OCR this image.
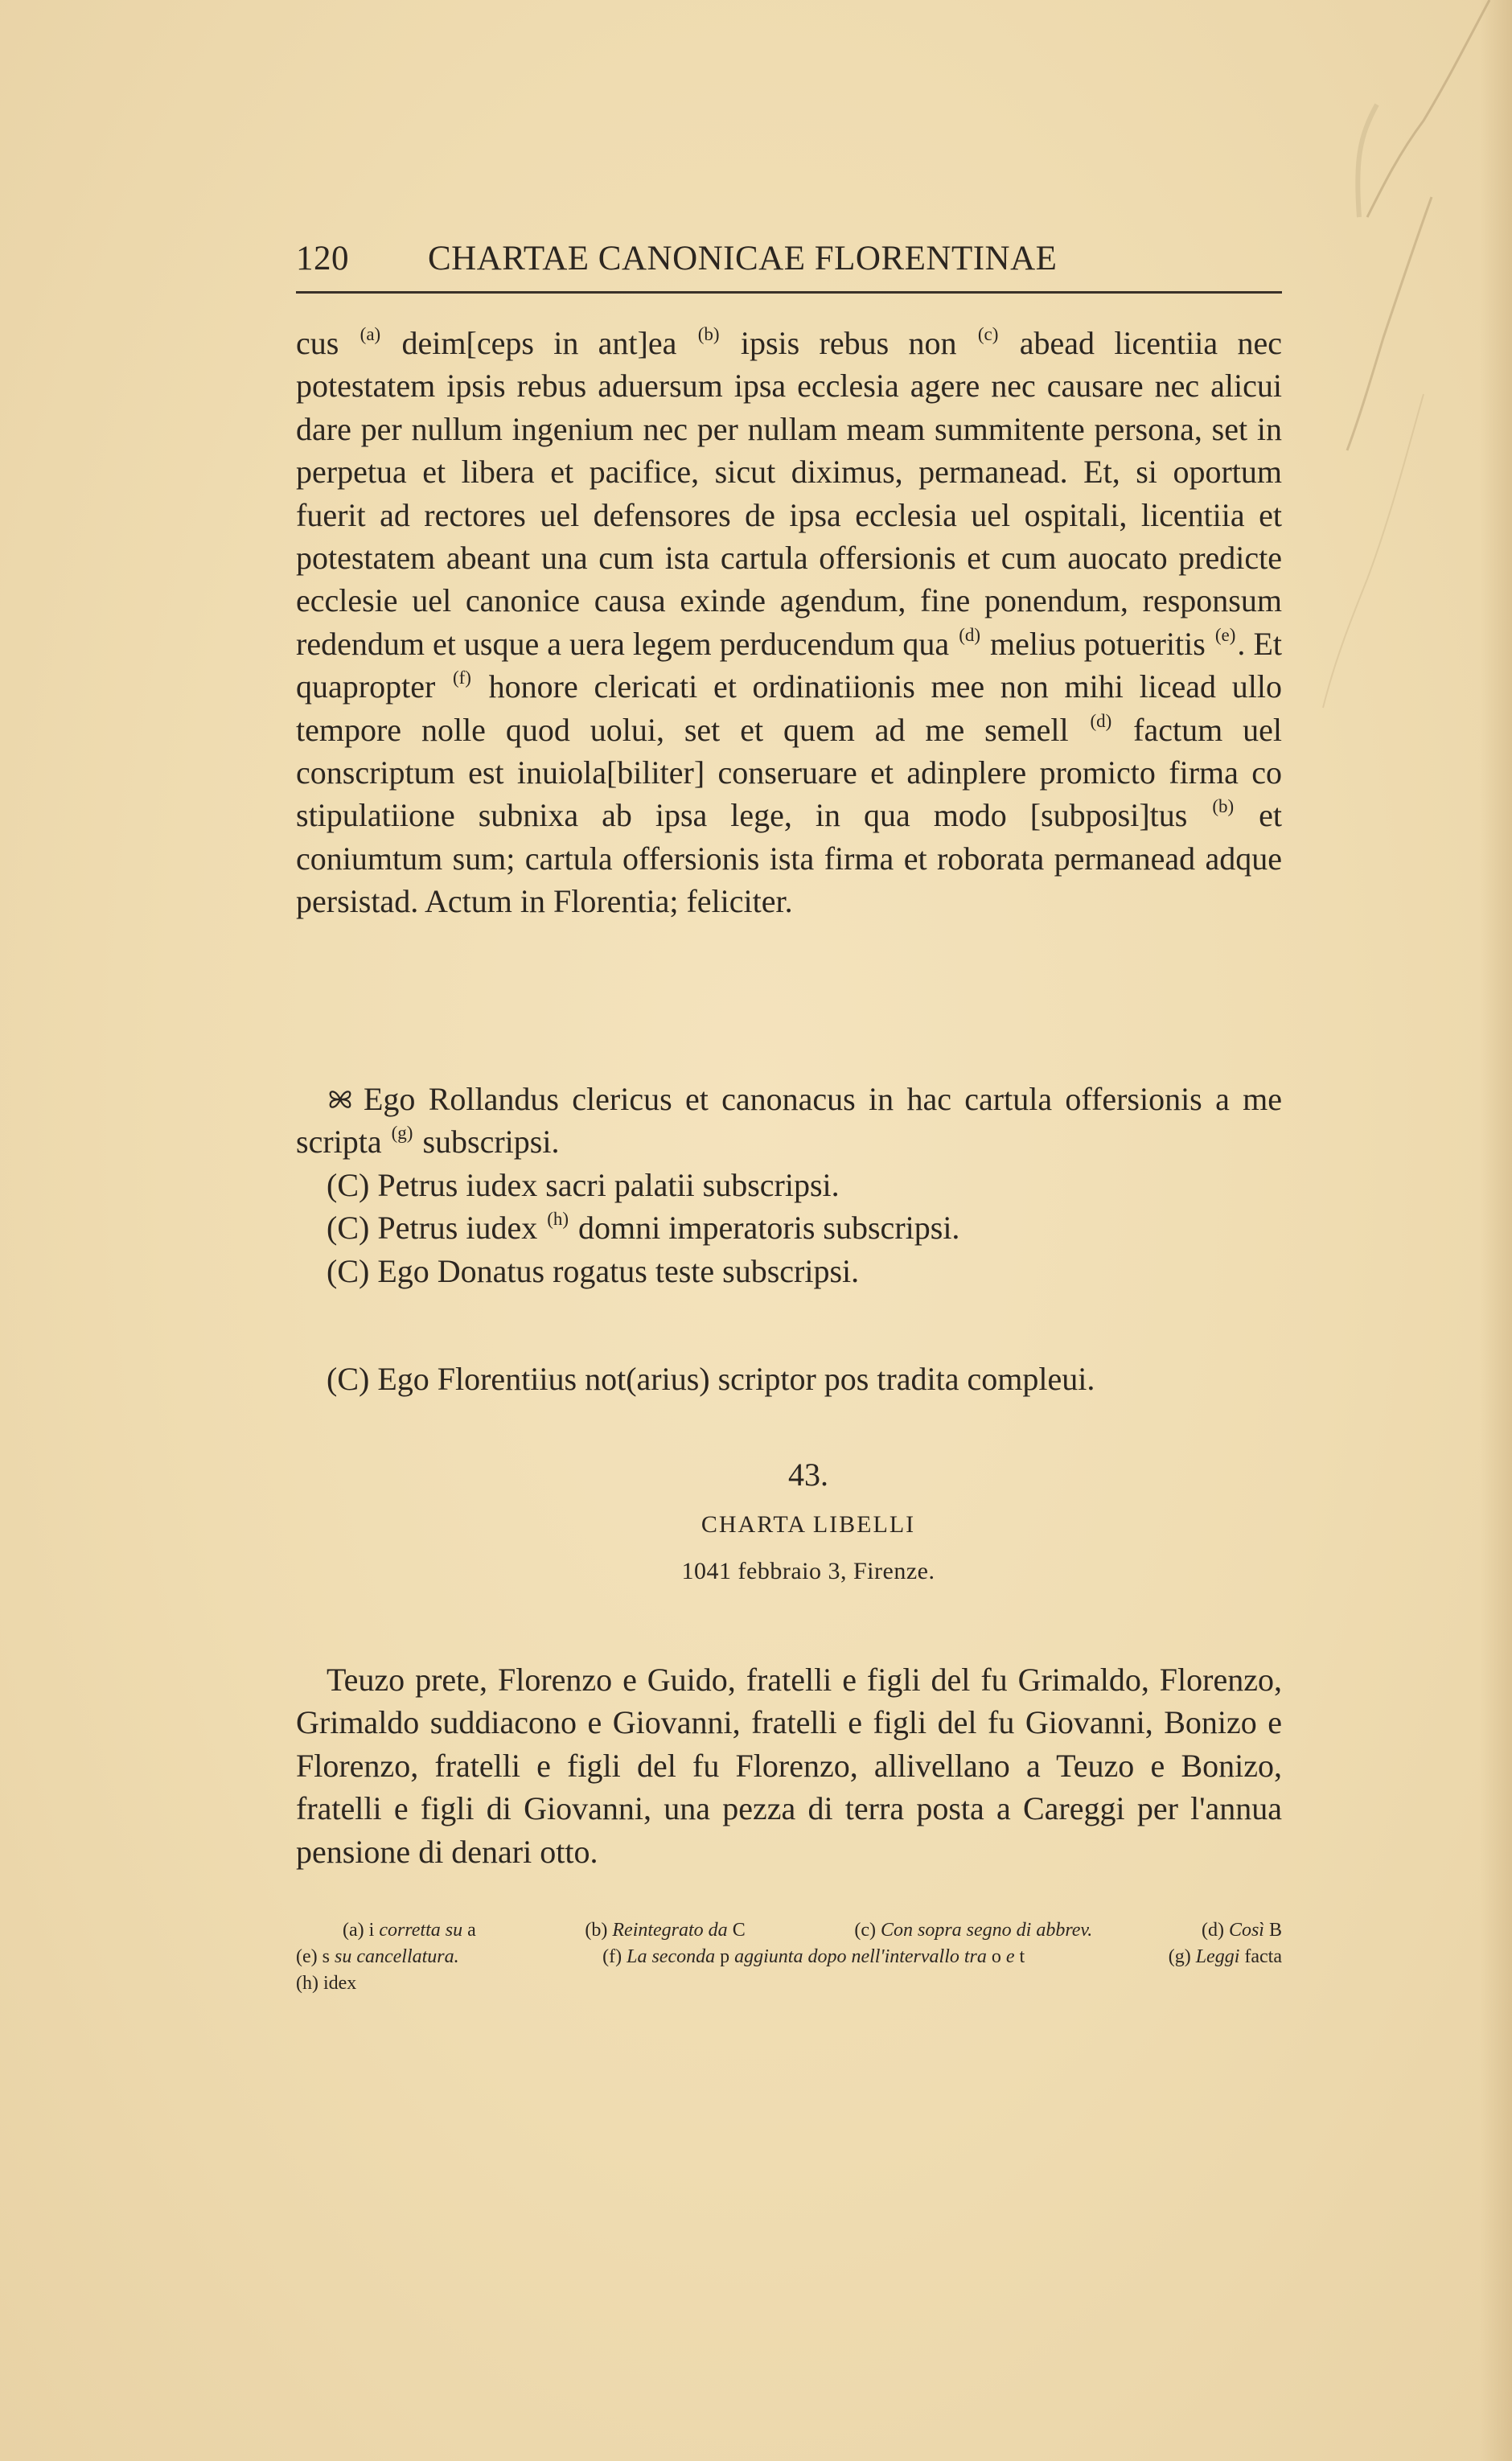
120 CHARTAE CANONICAE FLORENTINAE

cus $^{(a)}$ deim[ceps in ant]ea $^{(b)}$ ipsis rebus non $^{(c)}$ abead licentiia nec potestatem ipsis rebus aduersum ipsa ecclesia agere nec causare nec alicui dare per nullum ingenium nec per nullam meam summitente persona, set in perpetua et libera et pacifice, sicut diximus, permanead. Et, si oportum fuerit ad rectores uel defensores de ipsa ecclesia uel ospitali, licentiia et potestatem abeant una cum ista cartula offersionis et cum auocato predicte ecclesie uel canonice causa exinde agendum, fine ponendum, responsum redendum et usque a uera legem perducendum qua $^{(d)}$ melius potueritis $^{(e)}$. Et quapropter $^{(f)}$ honore clericati et ordinatiionis mee non mihi licead ullo tempore nolle quod uolui, set et quem ad me semell $^{(d)}$ factum uel conscriptum est inuiola[biliter] conseruare et adinplere promicto firma co stipulatiione subnixa ab ipsa lege, in qua modo [subposi]tus $^{(b)}$ et coniumtum sum; cartula offersionis ista firma et roborata permanead adque persistad. Actum in Florentia; feliciter.

Ego Rollandus clericus et canonacus in hac cartula offersionis a me scripta $^{(g)}$ subscripsi.

(C) Petrus iudex sacri palatii subscripsi.

(C) Petrus iudex $^{(h)}$ domni imperatoris subscripsi.

(C) Ego Donatus rogatus teste subscripsi.

(C) Ego Florentiius not(arius) scriptor pos tradita compleui.

43.
CHARTA LIBELLI
1041 febbraio 3, Firenze.

Teuzo prete, Florenzo e Guido, fratelli e figli del fu Grimaldo, Florenzo, Grimaldo suddiacono e Giovanni, fratelli e figli del fu Giovanni, Bonizo e Florenzo, fratelli e figli del fu Florenzo, allivellano a Teuzo e Bonizo, fratelli e figli di Giovanni, una pezza di terra posta a Careggi per l'annua pensione di denari otto.

(a) i corretta su a	(b) Reintegrato da C	(c) Con sopra segno di abbrev.	(d) Così B
(e) s su cancellatura.	(f) La seconda p aggiunta dopo nell'intervallo tra o e t	(g) Leggi facta
(h) idex
